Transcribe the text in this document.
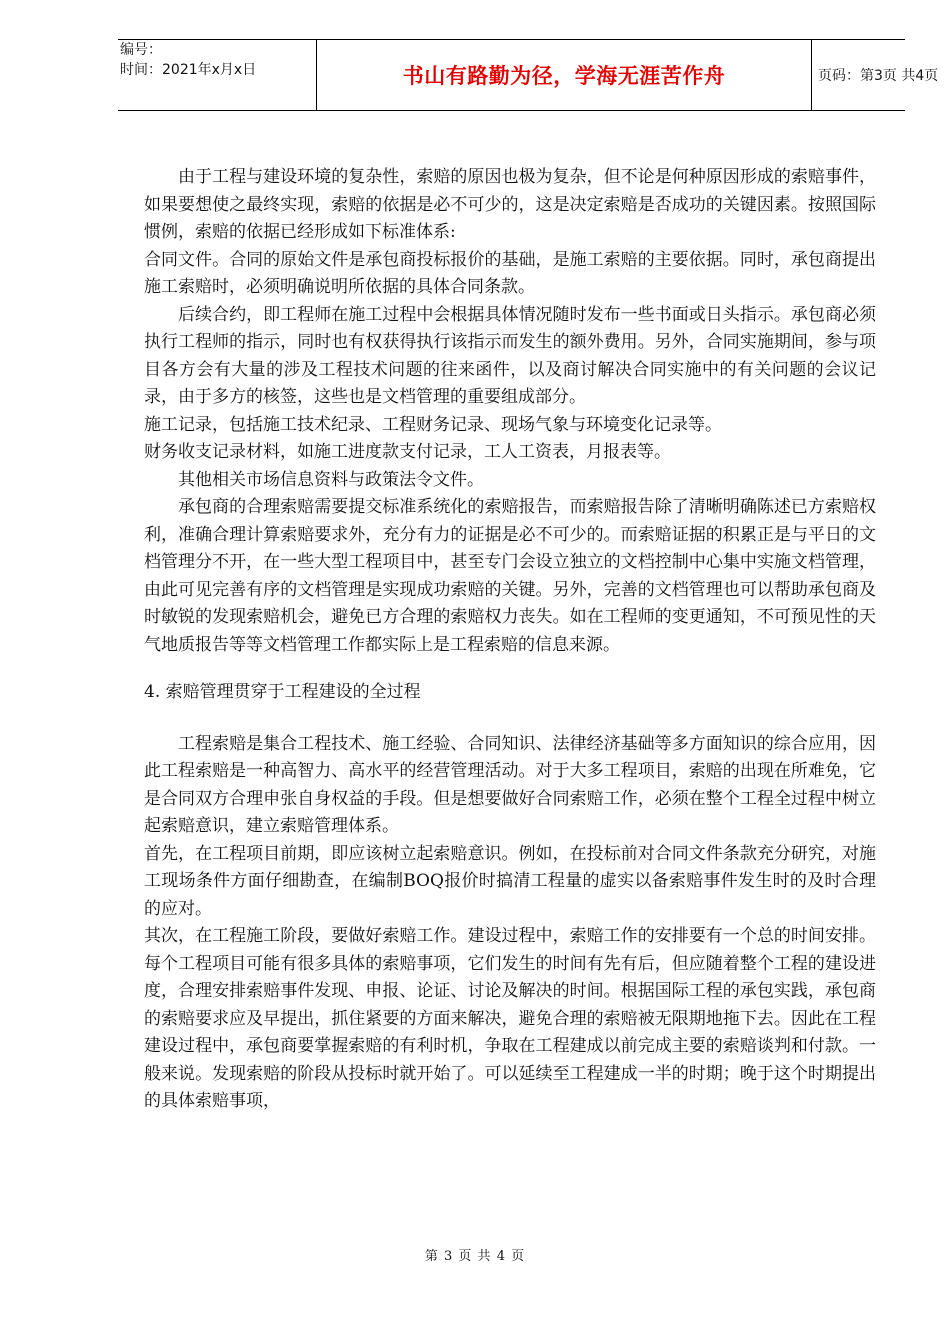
编号：
时间：2021年x月x日	书山有路勤为径，学海无涯苦作舟	页码：第3页 共4页

由于工程与建设环境的复杂性，索赔的原因也极为复杂，但不论是何种原因形成的索赔事件，如果要想使之最终实现，索赔的依据是必不可少的，这是决定索赔是否成功的关键因素。按照国际惯例，索赔的依据已经形成如下标准体系:

合同文件。合同的原始文件是承包商投标报价的基础，是施工索赔的主要依据。同时，承包商提出施工索赔时，必须明确说明所依据的具体合同条款。

后续合约，即工程师在施工过程中会根据具体情况随时发布一些书面或日头指示。承包商必须执行工程师的指示，同时也有权获得执行该指示而发生的额外费用。另外，合同实施期间，参与项目各方会有大量的涉及工程技术问题的往来函件，以及商讨解决合同实施中的有关问题的会议记录，由于多方的核签，这些也是文档管理的重要组成部分。

施工记录，包括施工技术纪录、工程财务记录、现场气象与环境变化记录等。

财务收支记录材料，如施工进度款支付记录，工人工资表，月报表等。

其他相关市场信息资料与政策法令文件。

承包商的合理索赔需要提交标准系统化的索赔报告，而索赔报告除了清晰明确陈述已方索赔权利，准确合理计算索赔要求外，充分有力的证据是必不可少的。而索赔证据的积累正是与平日的文档管理分不开，在一些大型工程项目中，甚至专门会设立独立的文档控制中心集中实施文档管理，由此可见完善有序的文档管理是实现成功索赔的关键。另外，完善的文档管理也可以帮助承包商及时敏锐的发现索赔机会，避免已方合理的索赔权力丧失。如在工程师的变更通知，不可预见性的天气地质报告等等文档管理工作都实际上是工程索赔的信息来源。

4. 索赔管理贯穿于工程建设的全过程

工程索赔是集合工程技术、施工经验、合同知识、法律经济基础等多方面知识的综合应用，因此工程索赔是一种高智力、高水平的经营管理活动。对于大多工程项目，索赔的出现在所难免，它是合同双方合理申张自身权益的手段。但是想要做好合同索赔工作，必须在整个工程全过程中树立起索赔意识，建立索赔管理体系。

首先，在工程项目前期，即应该树立起索赔意识。例如，在投标前对合同文件条款充分研究，对施工现场条件方面仔细勘查，在编制BOQ报价时搞清工程量的虚实以备索赔事件发生时的及时合理的应对。

其次，在工程施工阶段，要做好索赔工作。建设过程中，索赔工作的安排要有一个总的时间安排。每个工程项目可能有很多具体的索赔事项，它们发生的时间有先有后，但应随着整个工程的建设进度，合理安排索赔事件发现、申报、论证、讨论及解决的时间。根据国际工程的承包实践，承包商的索赔要求应及早提出，抓住紧要的方面来解决，避免合理的索赔被无限期地拖下去。因此在工程建设过程中，承包商要掌握索赔的有利时机，争取在工程建成以前完成主要的索赔谈判和付款。一般来说。发现索赔的阶段从投标时就开始了。可以延续至工程建成一半的时期；晚于这个时期提出的具体索赔事项，

第 3 页 共 4 页
